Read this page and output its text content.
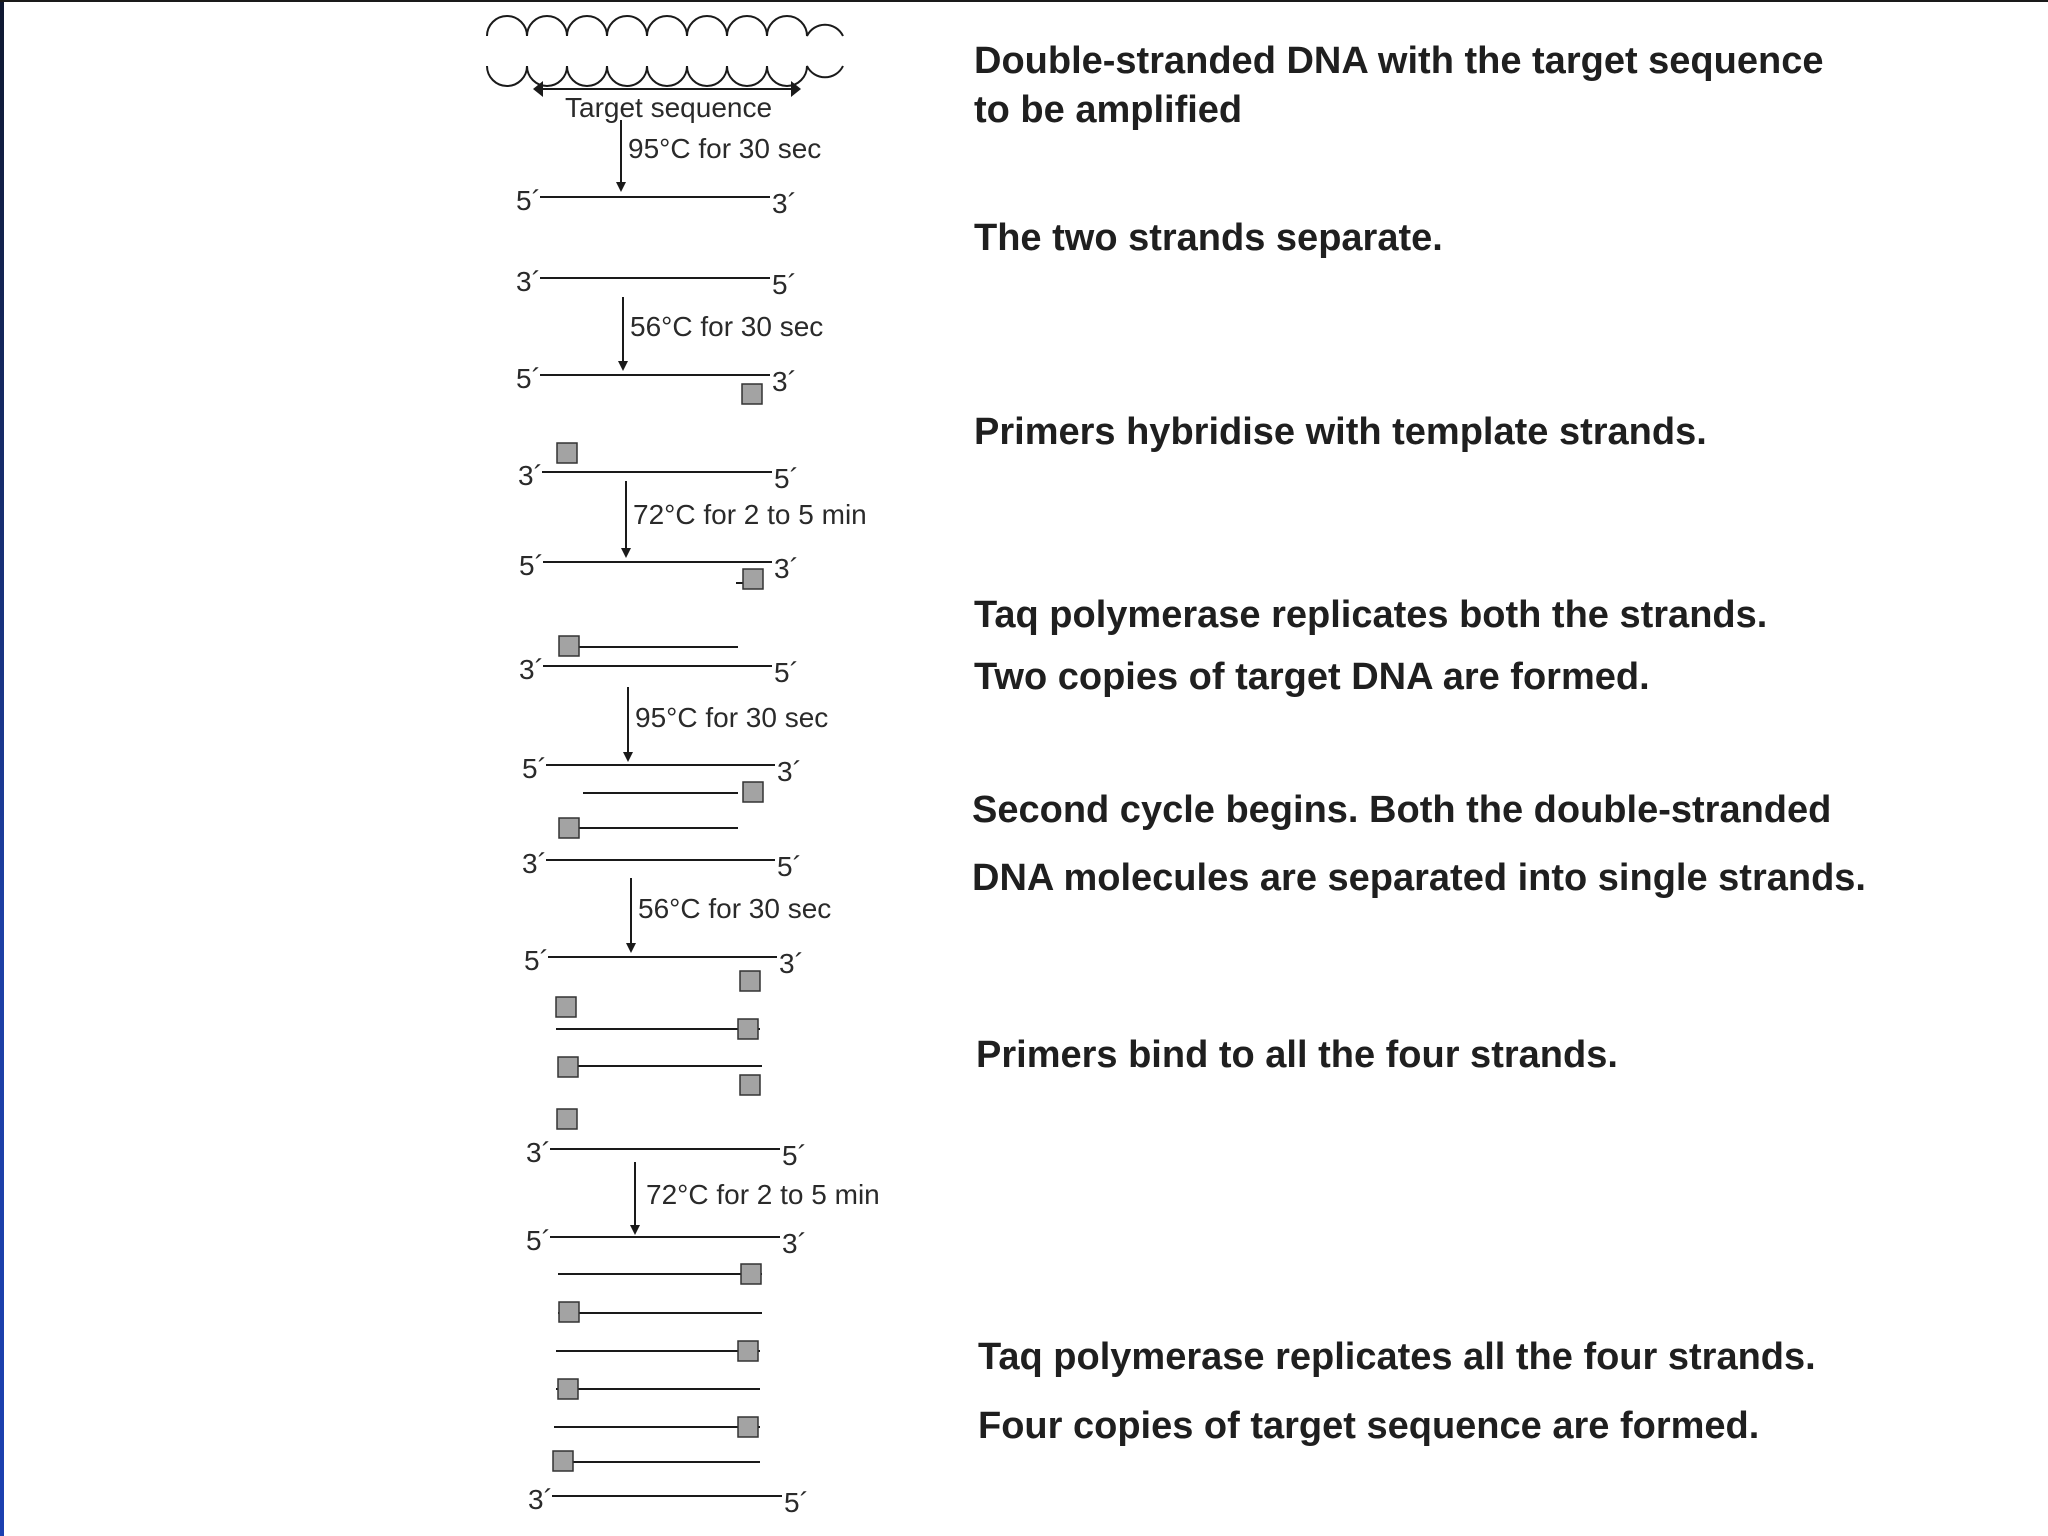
Target sequence
95°C for 30 sec
56°C for 30 sec
72°C for 2 to 5 min
95°C for 30 sec
56°C for 30 sec
72°C for 2 to 5 min
5´	3´
3´	5´
5´	3´
3´	5´
5´	3´
3´	5´
5´	3´
3´	5´
5´	3´
3´	5´
5´	3´
3´	5´
Double-stranded DNA with the target sequence
to be amplified
The two strands separate.
Primers hybridise with template strands.
Taq polymerase replicates both the strands.
Two copies of target DNA are formed.
Second cycle begins. Both the double-stranded
DNA molecules are separated into single strands.
Primers bind to all the four strands.
Taq polymerase replicates all the four strands.
Four copies of target sequence are formed.
